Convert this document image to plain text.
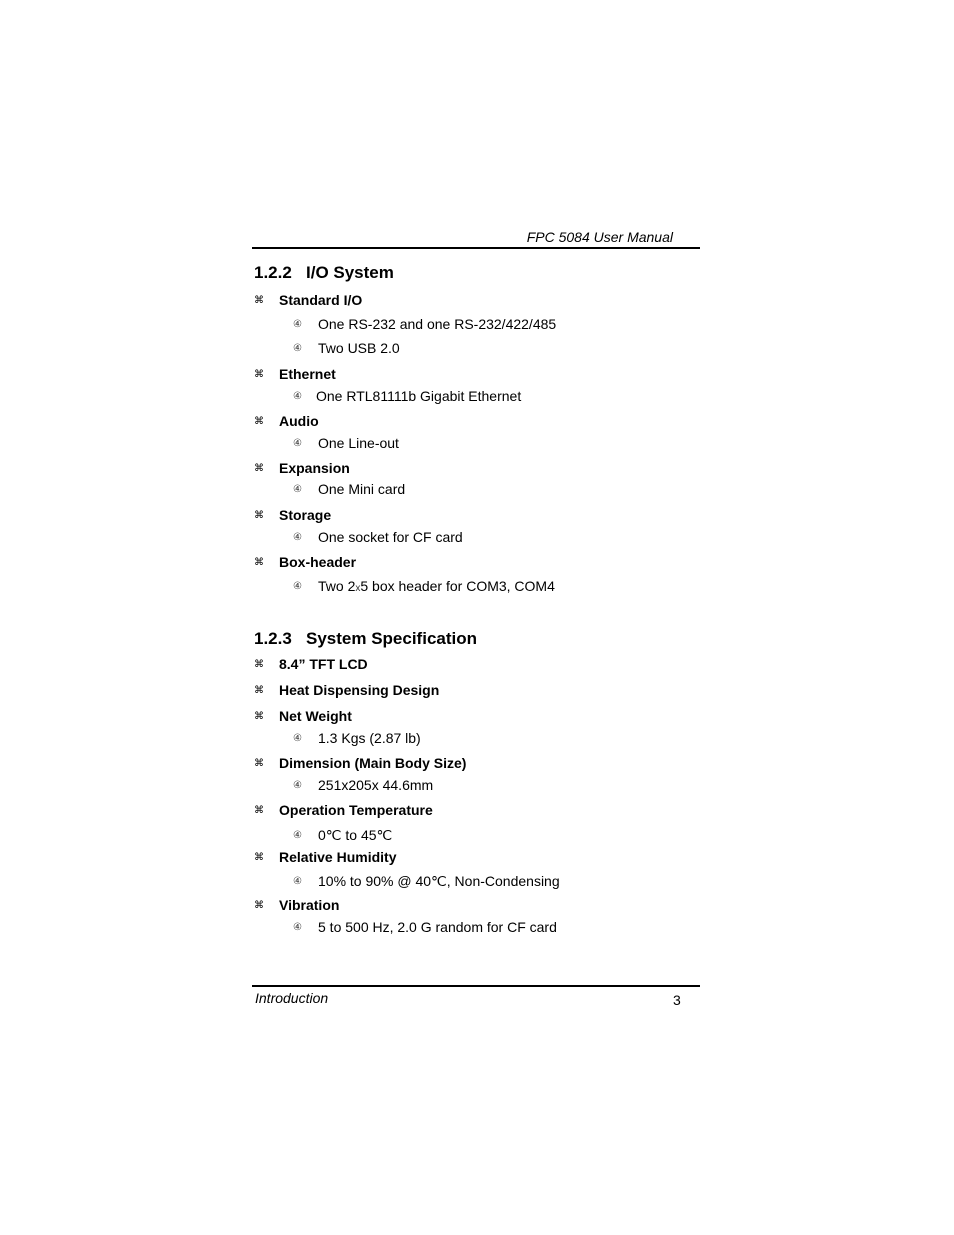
FPC 5084 User Manual
1.2.2 I/O System
⌘ Standard I/O
④ One RS-232 and one RS-232/422/485
④ Two USB 2.0
⌘ Ethernet
④ One RTL81111b Gigabit Ethernet
⌘ Audio
④ One Line-out
⌘ Expansion
④ One Mini card
⌘ Storage
④ One socket for CF card
⌘ Box-header
④ Two 2x5 box header for COM3, COM4
1.2.3 System Specification
⌘ 8.4” TFT LCD
⌘ Heat Dispensing Design
⌘ Net Weight
④ 1.3 Kgs (2.87 lb)
⌘ Dimension (Main Body Size)
④ 251x205x 44.6mm
⌘ Operation Temperature
④ 0℃ to 45℃
⌘ Relative Humidity
④ 10% to 90% @ 40℃, Non-Condensing
⌘ Vibration
④ 5 to 500 Hz, 2.0 G random for CF card
Introduction	3
